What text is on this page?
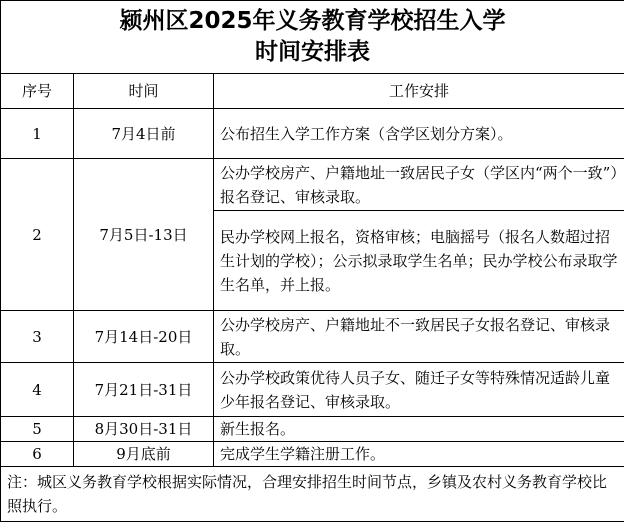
颍州区2025年义务教育学校招生入学
时间安排表		

序号	时间	工作安排
1	7月4日前	公布招生入学工作方案（含学区划分方案）。
2	7月5日-13日	公办学校房产、户籍地址一致居民子女（学区内“两个一致”）报名登记、审核录取。
		民办学校网上报名，资格审核；电脑摇号（报名人数超过招生计划的学校）；公示拟录取学生名单；民办学校公布录取学生名单，并上报。
3	7月14日-20日	公办学校房产、户籍地址不一致居民子女报名登记、审核录取。
4	7月21日-31日	公办学校政策优待人员子女、随迁子女等特殊情况适龄儿童少年报名登记、审核录取。
5	8月30日-31日	新生报名。
6	9月底前	完成学生学籍注册工作。
注：城区义务教育学校根据实际情况，合理安排招生时间节点，乡镇及农村义务教育学校比照执行。		
